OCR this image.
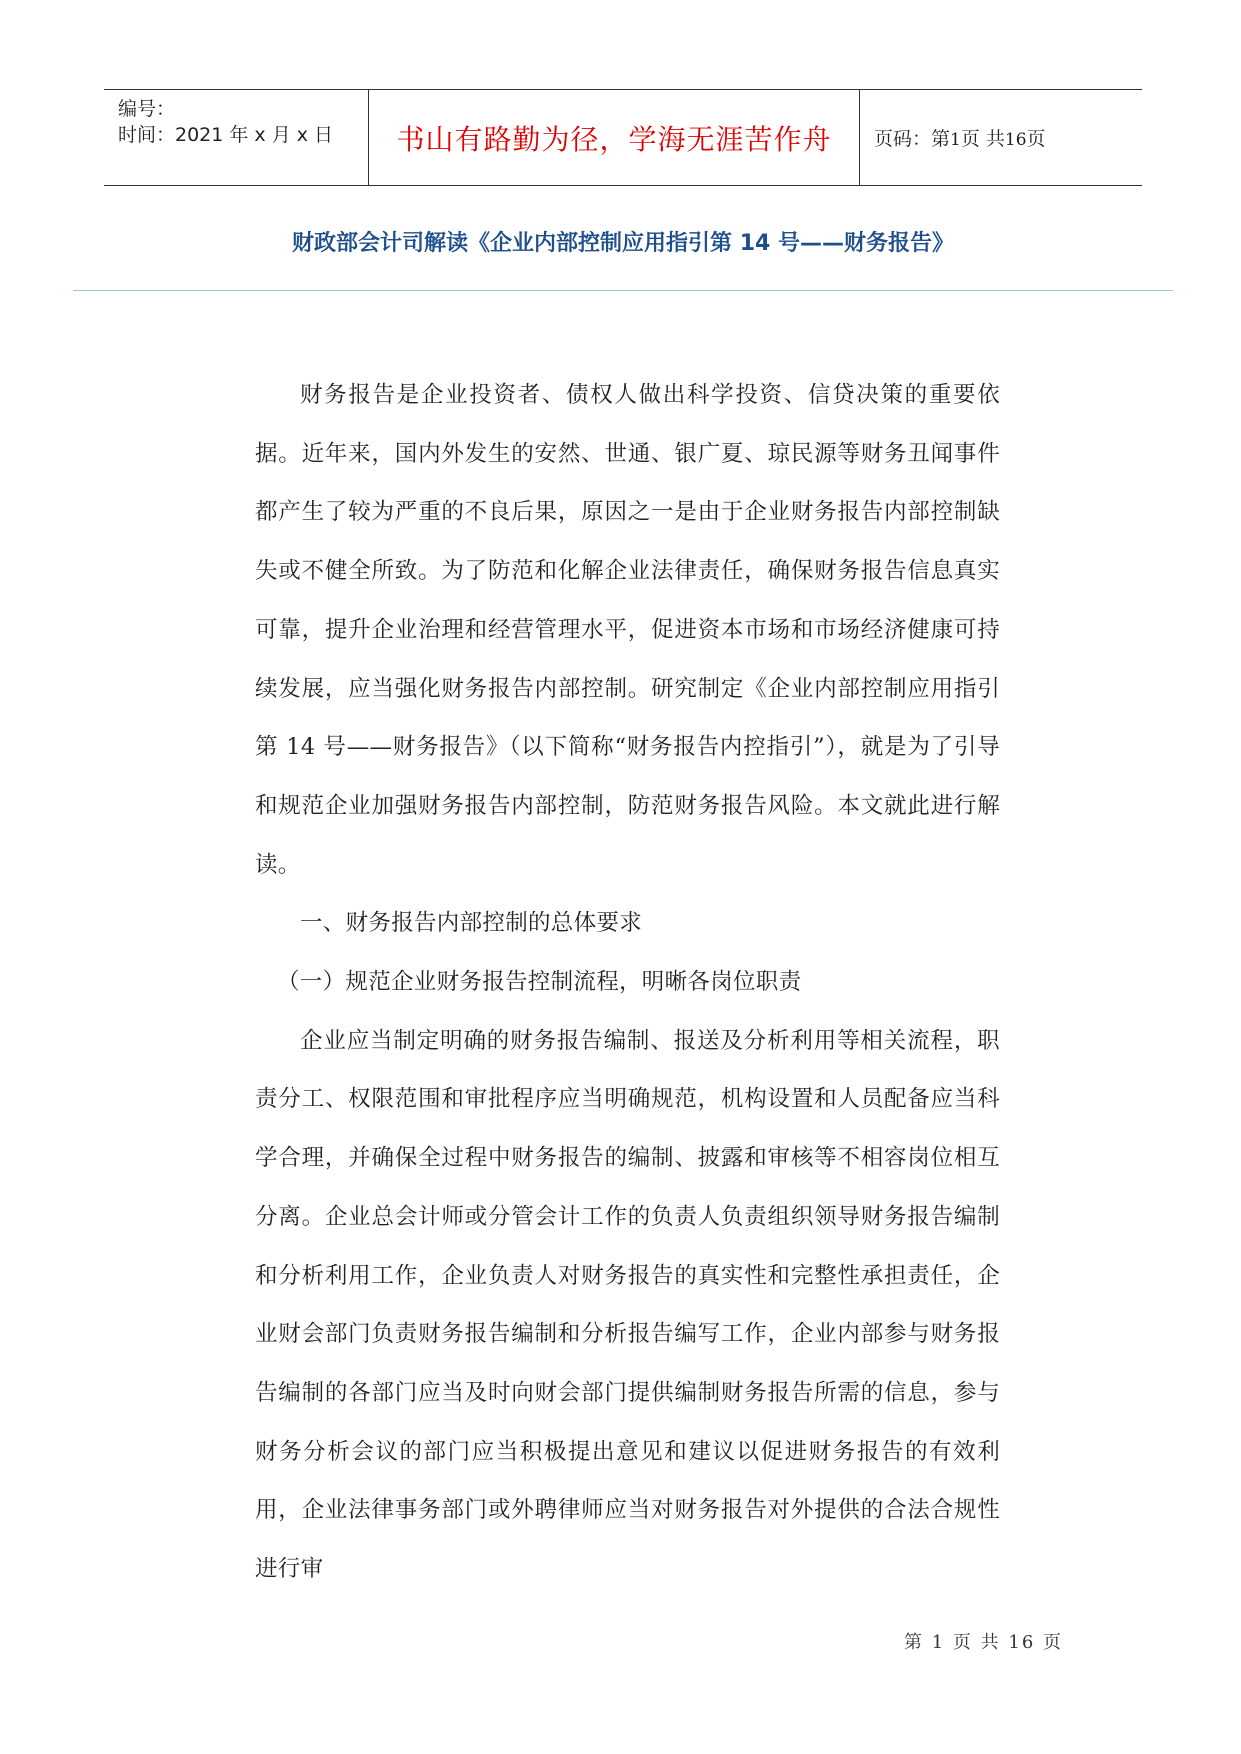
编号：
时间：2021 年 x 月 x 日 书山有路勤为径，学海无涯苦作舟 页码：第1页 共16页
财政部会计司解读《企业内部控制应用指引第 14 号——财务报告》

财务报告是企业投资者、债权人做出科学投资、信贷决策的重要依据。近年来，国内外发生的安然、世通、银广夏、琼民源等财务丑闻事件都产生了较为严重的不良后果，原因之一是由于企业财务报告内部控制缺失或不健全所致。为了防范和化解企业法律责任，确保财务报告信息真实可靠，提升企业治理和经营管理水平，促进资本市场和市场经济健康可持续发展，应当强化财务报告内部控制。研究制定《企业内部控制应用指引第 14 号——财务报告》（以下简称“财务报告内控指引”），就是为了引导和规范企业加强财务报告内部控制，防范财务报告风险。本文就此进行解读。

一、财务报告内部控制的总体要求

（一）规范企业财务报告控制流程，明晰各岗位职责

企业应当制定明确的财务报告编制、报送及分析利用等相关流程，职责分工、权限范围和审批程序应当明确规范，机构设置和人员配备应当科学合理，并确保全过程中财务报告的编制、披露和审核等不相容岗位相互分离。企业总会计师或分管会计工作的负责人负责组织领导财务报告编制和分析利用工作，企业负责人对财务报告的真实性和完整性承担责任，企业财会部门负责财务报告编制和分析报告编写工作，企业内部参与财务报告编制的各部门应当及时向财会部门提供编制财务报告所需的信息，参与财务分析会议的部门应当积极提出意见和建议以促进财务报告的有效利用，企业法律事务部门或外聘律师应当对财务报告对外提供的合法合规性进行审

第 1 页 共 16 页
